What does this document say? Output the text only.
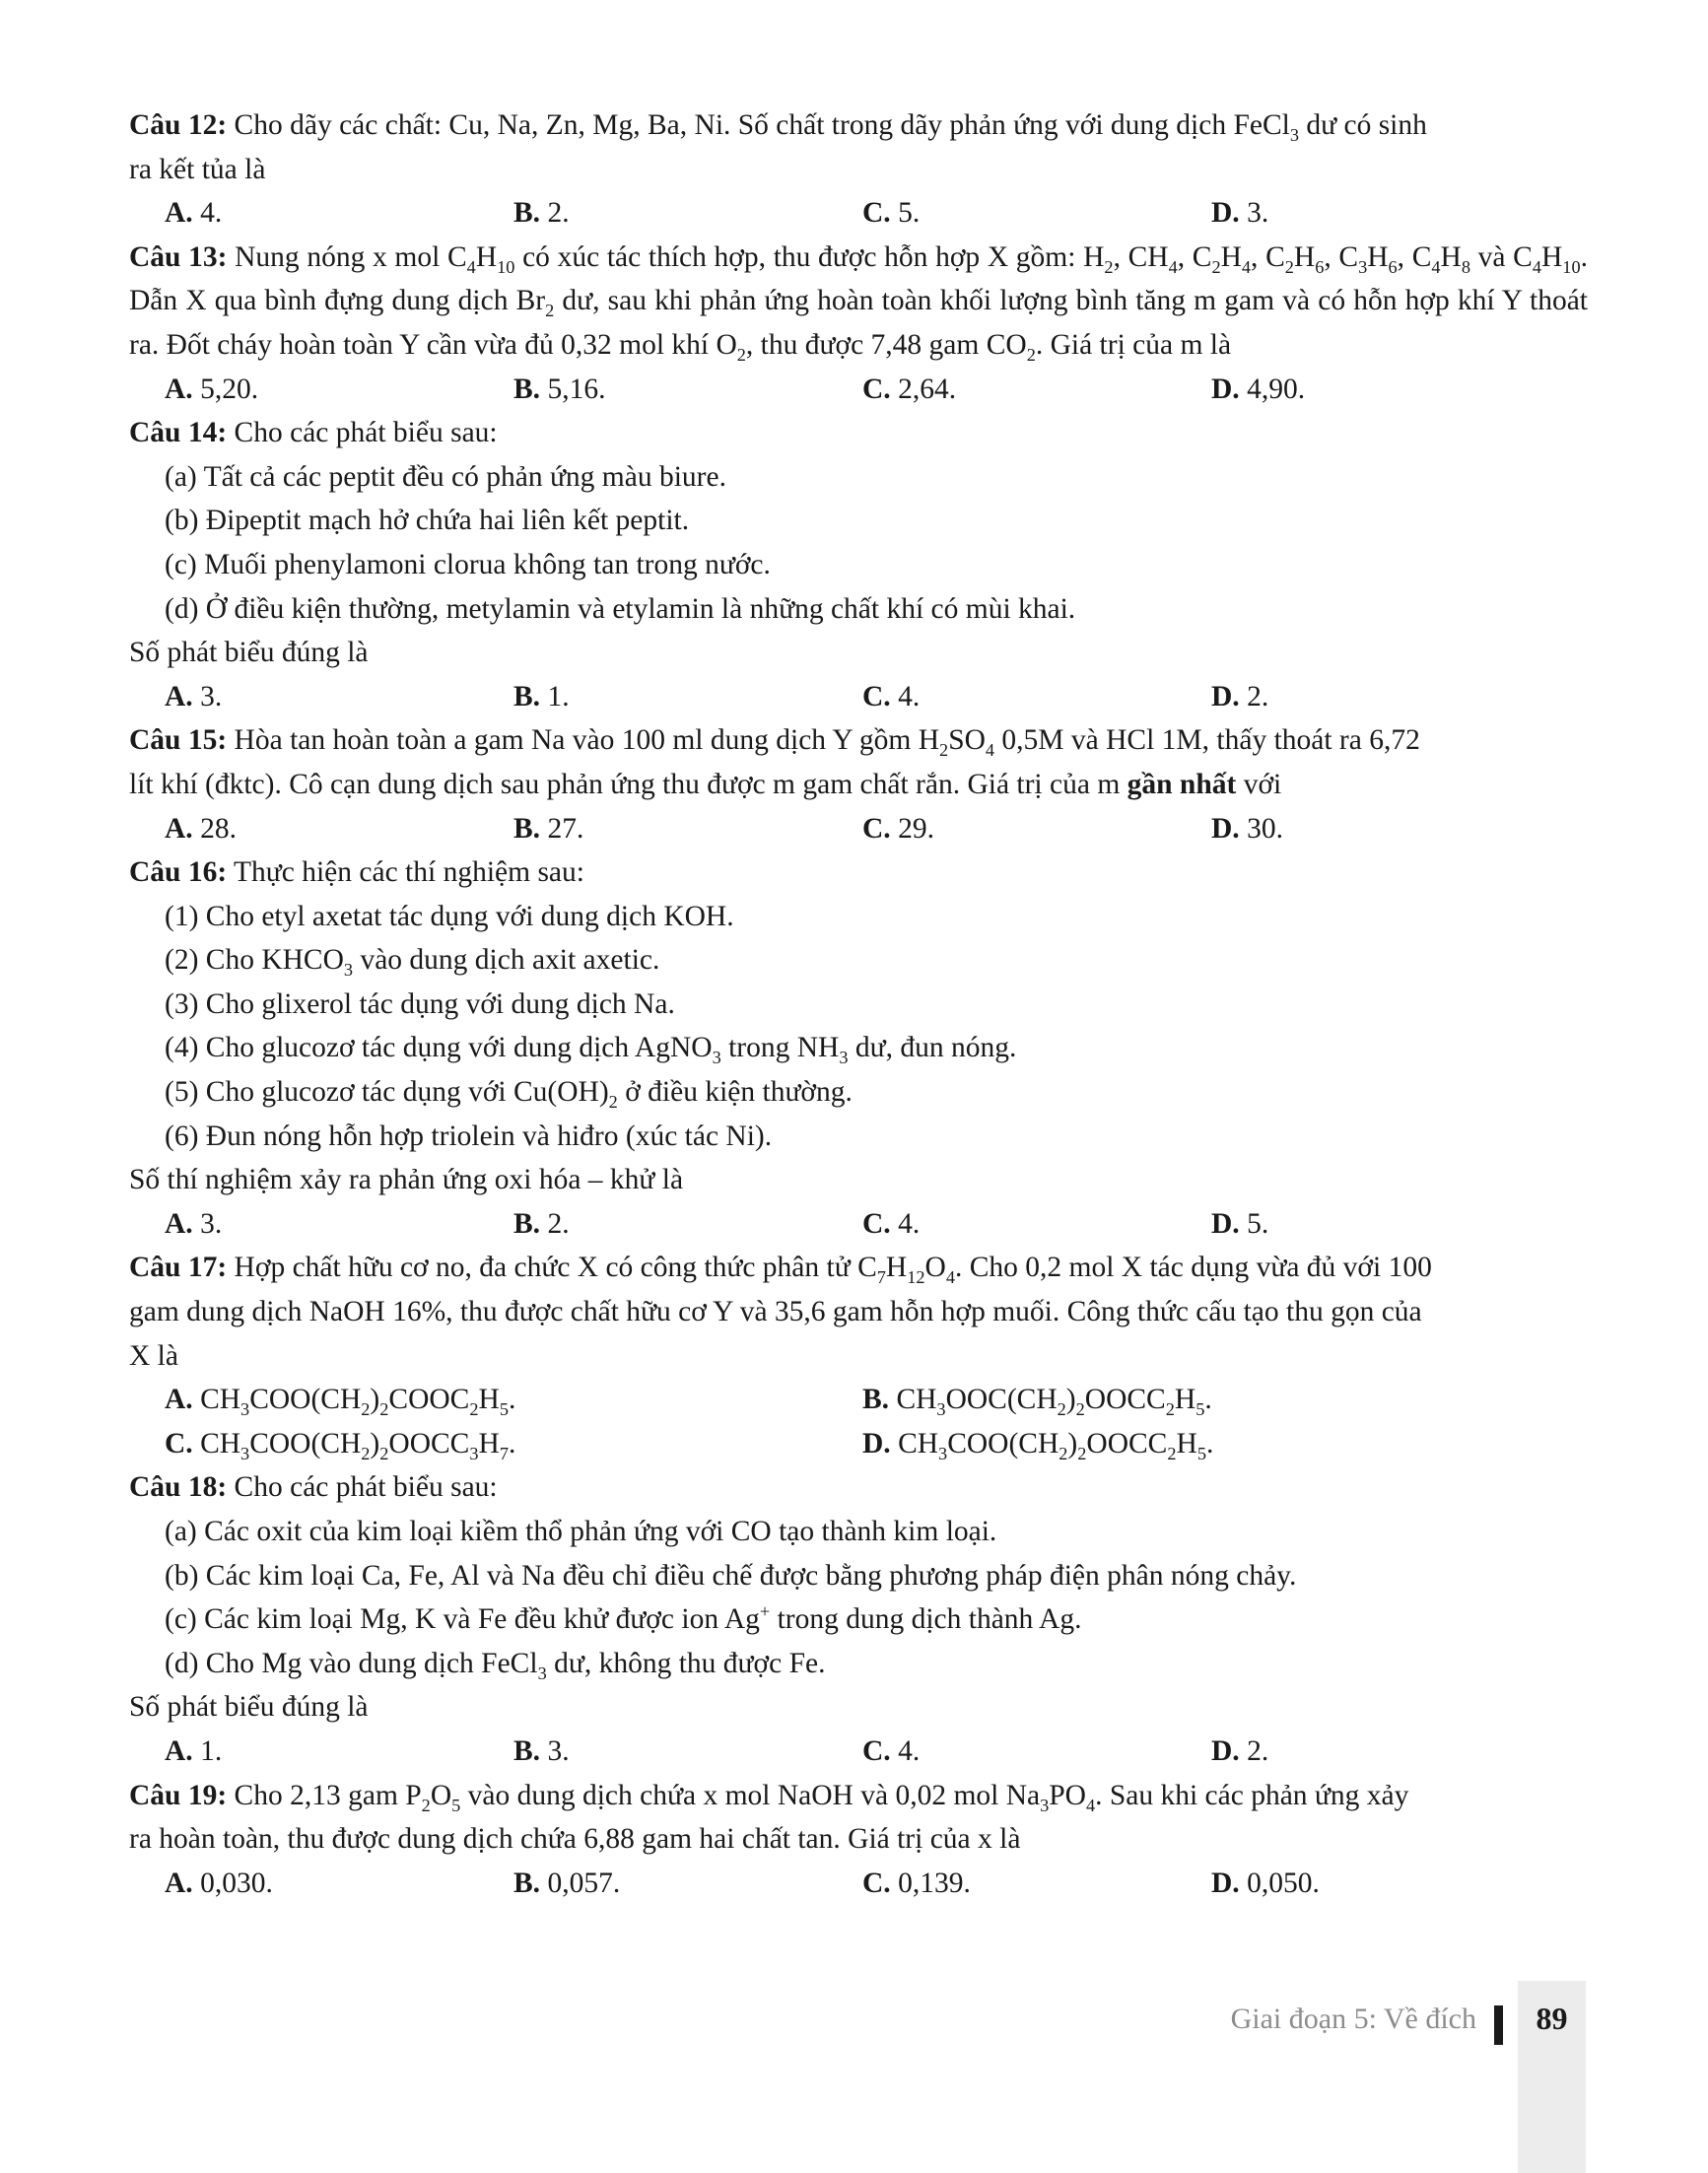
Câu 12: Cho dãy các chất: Cu, Na, Zn, Mg, Ba, Ni. Số chất trong dãy phản ứng với dung dịch FeCl$_3$ dư có sinh
ra kết tủa là
A. 4.	B. 2.	C. 5.	D. 3.
Câu 13: Nung nóng x mol $C_4H_{10}$ có xúc tác thích hợp, thu được hỗn hợp X gồm: $H_2$, $CH_4$, $C_2H_4$, $C_2H_6$, $C_3H_6$, $C_4H_8$ và $C_4H_{10}$. Dẫn X qua bình đựng dung dịch $Br_2$ dư, sau khi phản ứng hoàn toàn khối lượng bình tăng m gam và có hỗn hợp khí Y thoát ra. Đốt cháy hoàn toàn Y cần vừa đủ 0,32 mol khí $O_2$, thu được 7,48 gam $CO_2$. Giá trị của m là
A. 5,20.	B. 5,16.	C. 2,64.	D. 4,90.
Câu 14: Cho các phát biểu sau:
(a) Tất cả các peptit đều có phản ứng màu biure.
(b) Đipeptit mạch hở chứa hai liên kết peptit.
(c) Muối phenylamoni clorua không tan trong nước.
(d) Ở điều kiện thường, metylamin và etylamin là những chất khí có mùi khai.
Số phát biểu đúng là
A. 3.	B. 1.	C. 4.	D. 2.
Câu 15: Hòa tan hoàn toàn a gam Na vào 100 ml dung dịch Y gồm $H_2SO_4$ 0,5M và HCl 1M, thấy thoát ra 6,72
lít khí (đktc). Cô cạn dung dịch sau phản ứng thu được m gam chất rắn. Giá trị của m gần nhất với
A. 28.	B. 27.	C. 29.	D. 30.
Câu 16: Thực hiện các thí nghiệm sau:
(1) Cho etyl axetat tác dụng với dung dịch KOH.
(2) Cho $KHCO_3$ vào dung dịch axit axetic.
(3) Cho glixerol tác dụng với dung dịch Na.
(4) Cho glucozơ tác dụng với dung dịch AgNO$_3$ trong $NH_3$ dư, đun nóng.
(5) Cho glucozơ tác dụng với $Cu(OH)_2$ ở điều kiện thường.
(6) Đun nóng hỗn hợp triolein và hiđro (xúc tác Ni).
Số thí nghiệm xảy ra phản ứng oxi hóa – khử là
A. 3.	B. 2.	C. 4.	D. 5.
Câu 17: Hợp chất hữu cơ no, đa chức X có công thức phân tử $C_7H_{12}O_4$. Cho 0,2 mol X tác dụng vừa đủ với 100
gam dung dịch NaOH 16%, thu được chất hữu cơ Y và 35,6 gam hỗn hợp muối. Công thức cấu tạo thu gọn của
X là
A. $CH_3COO(CH_2)_2COOC_2H_5$.	B. $CH_3OOC(CH_2)_2OOCC_2H_5$.
C. $CH_3COO(CH_2)_2OOCC_3H_7$.	D. $CH_3COO(CH_2)_2OOCC_2H_5$.
Câu 18: Cho các phát biểu sau:
(a) Các oxit của kim loại kiềm thổ phản ứng với CO tạo thành kim loại.
(b) Các kim loại Ca, Fe, Al và Na đều chỉ điều chế được bằng phương pháp điện phân nóng chảy.
(c) Các kim loại Mg, K và Fe đều khử được ion Ag+ trong dung dịch thành Ag.
(d) Cho Mg vào dung dịch FeCl$_3$ dư, không thu được Fe.
Số phát biểu đúng là
A. 1.	B. 3.	C. 4.	D. 2.
Câu 19: Cho 2,13 gam $P_2O_5$ vào dung dịch chứa x mol NaOH và 0,02 mol $Na_3PO_4$. Sau khi các phản ứng xảy
ra hoàn toàn, thu được dung dịch chứa 6,88 gam hai chất tan. Giá trị của x là
A. 0,030.	B. 0,057.	C. 0,139.	D. 0,050.
Giai đoạn 5: Về đích	89
